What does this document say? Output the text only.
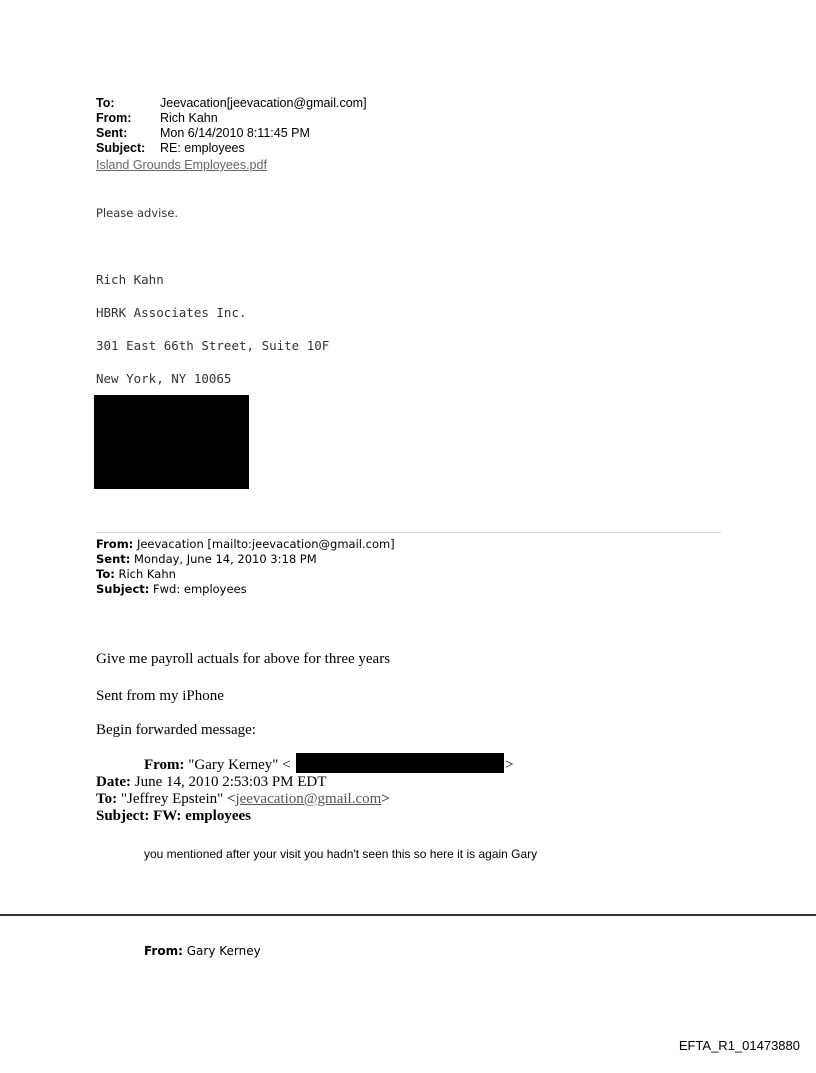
To:	Jeevacation[jeevacation@gmail.com]
From: Rich Kahn
Sent:	Mon 6/14/2010 8:11:45 PM
Subject: RE: employees
Island Grounds Employees.pdf
Please advise.
Rich Kahn
HBRK Associates Inc.
301 East 66th Street, Suite 10F
New York, NY 10065
From: Jeevacation [mailto:jeevacation@gmail.com]
Sent: Monday, June 14, 2010 3:18 PM
To: Rich Kahn
Subject: Fwd: employees
Give me payroll actuals for above for three years
Sent from my iPhone
Begin forwarded message:
From: "Gary Kerney" <	>
Date: June 14, 2010 2:53:03 PM EDT
To: "Jeffrey Epstein" <jeevacation@gmail.com>
Subject: FW: employees
you mentioned after your visit you hadn't seen this so here it is again Gary
From: Gary Kerney
EFTA_R1_01473880
